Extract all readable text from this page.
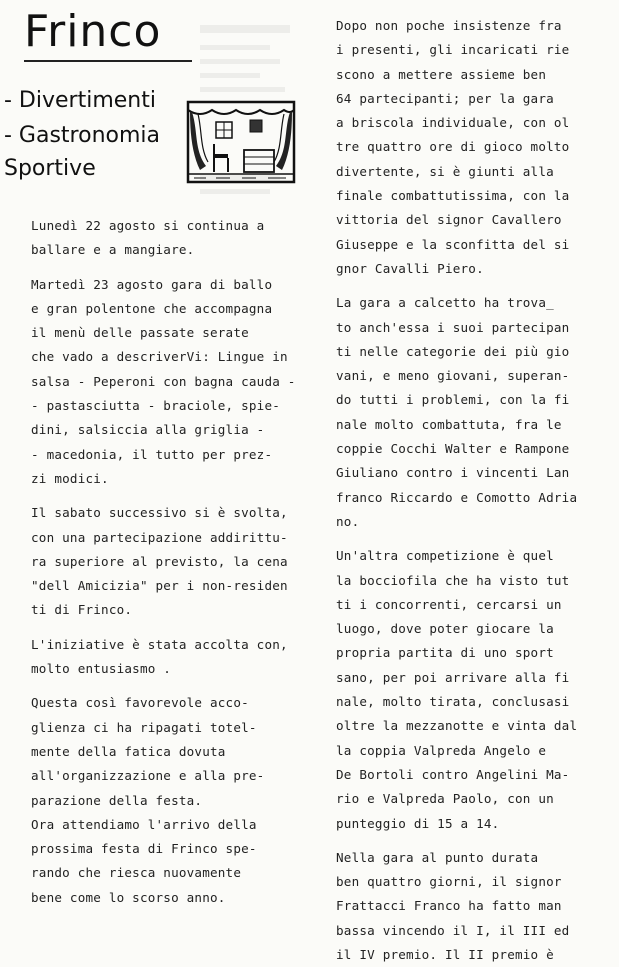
Frinco
- Divertimenti
- Gastronomia
Sportive
Lunedì 22 agosto si continua a
ballare e a mangiare.
Martedì 23 agosto gara di ballo
e gran polentone che accompagna
il menù delle passate serate
che vado a descriverVi: Lingue in
salsa - Peperoni con bagna cauda -
- pastasciutta - braciole, spie-
dini, salsiccia alla griglia -
- macedonia, il tutto per prez-
zi modici.
Il sabato successivo si è svolta,
con una partecipazione addirittu-
ra superiore al previsto, la cena
"dell Amicizia" per i non-residen
ti di Frinco.
L'iniziative è stata accolta con,
molto entusiasmo .
Questa così favorevole acco-
glienza ci ha ripagati totel-
mente della fatica dovuta
all'organizzazione e alla pre-
parazione della festa.
Ora attendiamo l'arrivo della
prossima festa di Frinco spe-
rando che riesca nuovamente
bene come lo scorso anno.
Dopo non poche insistenze fra
i presenti, gli incaricati rie
scono a mettere assieme ben
64 partecipanti; per la gara
a briscola individuale, con ol
tre quattro ore di gioco molto
divertente, si è giunti alla
finale combattutissima, con la
vittoria del signor Cavallero
Giuseppe e la sconfitta del si
gnor Cavalli Piero.
La gara a calcetto ha trova_
to anch'essa i suoi partecipan
ti nelle categorie dei più gio
vani, e meno giovani, superan-
do tutti i problemi, con la fi
nale molto combattuta, fra le
coppie Cocchi Walter e Rampone
Giuliano contro i vincenti Lan
franco Riccardo e Comotto Adria
no.
Un'altra competizione è quel
la bocciofila che ha visto tut
ti i concorrenti, cercarsi un
luogo, dove poter giocare la
propria partita di uno sport
sano, per poi arrivare alla fi
nale, molto tirata, conclusasi
oltre la mezzanotte e vinta dal
la coppia Valpreda Angelo e
De Bortoli contro Angelini Ma-
rio e Valpreda Paolo, con un
punteggio di 15 a 14.
Nella gara al punto durata
ben quattro giorni, il signor
Frattacci Franco ha fatto man
bassa vincendo il I, il III ed
il IV premio. Il II premio è
